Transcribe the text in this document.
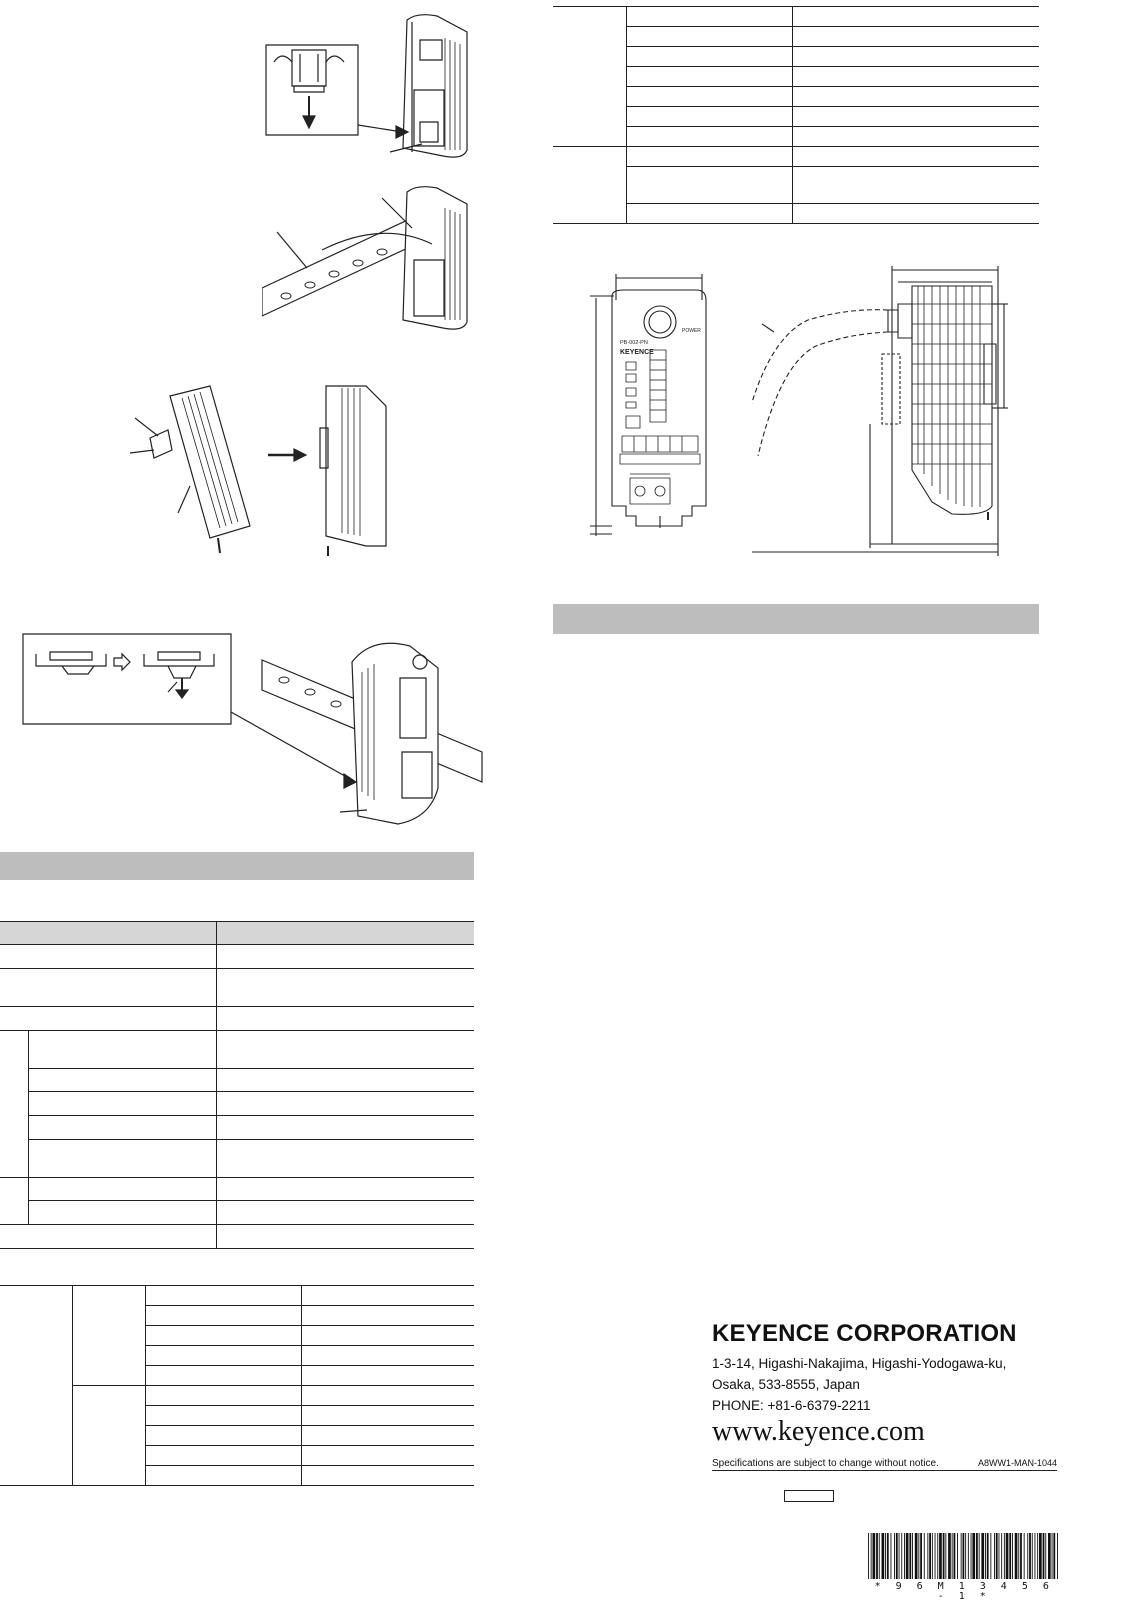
PB-002-PN
KEYENCE
POWER
KEYENCE CORPORATION
1-3-14, Higashi-Nakajima, Higashi-Yodogawa-ku,
Osaka, 533-8555, Japan
PHONE: +81-6-6379-2211
www.keyence.com
Specifications are subject to change without notice.	A8WW1-MAN-1044
* 9 6 M 1 3 4 5 6 - 1 *
